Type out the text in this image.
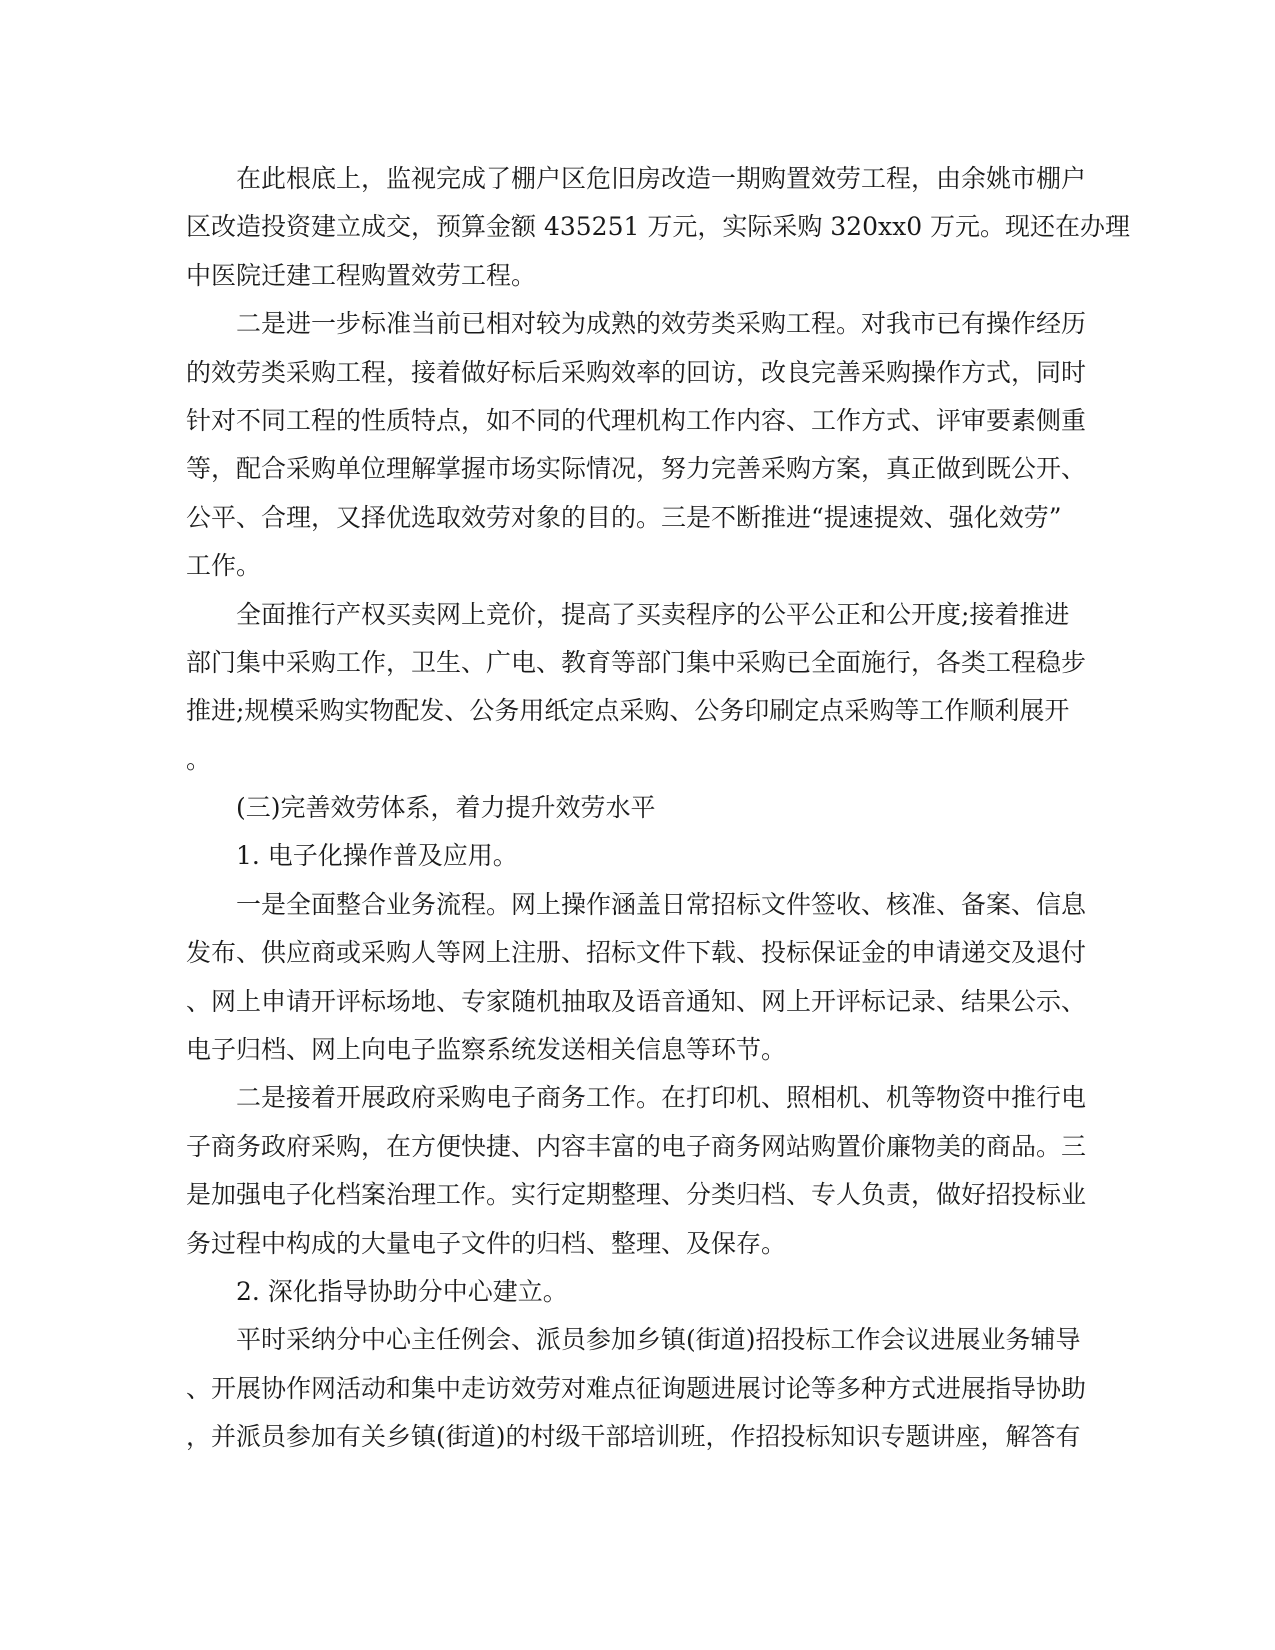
在此根底上，监视完成了棚户区危旧房改造一期购置效劳工程，由余姚市棚户
区改造投资建立成交，预算金额 435251 万元，实际采购 320xx0 万元。现还在办理
中医院迁建工程购置效劳工程。
二是进一步标准当前已相对较为成熟的效劳类采购工程。对我市已有操作经历
的效劳类采购工程，接着做好标后采购效率的回访，改良完善采购操作方式，同时
针对不同工程的性质特点，如不同的代理机构工作内容、工作方式、评审要素侧重
等，配合采购单位理解掌握市场实际情况，努力完善采购方案，真正做到既公开、
公平、合理，又择优选取效劳对象的目的。三是不断推进“提速提效、强化效劳”
工作。
全面推行产权买卖网上竞价，提高了买卖程序的公平公正和公开度;接着推进
部门集中采购工作，卫生、广电、教育等部门集中采购已全面施行，各类工程稳步
推进;规模采购实物配发、公务用纸定点采购、公务印刷定点采购等工作顺利展开
。
(三)完善效劳体系，着力提升效劳水平
1. 电子化操作普及应用。
一是全面整合业务流程。网上操作涵盖日常招标文件签收、核准、备案、信息
发布、供应商或采购人等网上注册、招标文件下载、投标保证金的申请递交及退付
、网上申请开评标场地、专家随机抽取及语音通知、网上开评标记录、结果公示、
电子归档、网上向电子监察系统发送相关信息等环节。
二是接着开展政府采购电子商务工作。在打印机、照相机、机等物资中推行电
子商务政府采购，在方便快捷、内容丰富的电子商务网站购置价廉物美的商品。三
是加强电子化档案治理工作。实行定期整理、分类归档、专人负责，做好招投标业
务过程中构成的大量电子文件的归档、整理、及保存。
2. 深化指导协助分中心建立。
平时采纳分中心主任例会、派员参加乡镇(街道)招投标工作会议进展业务辅导
、开展协作网活动和集中走访效劳对难点征询题进展讨论等多种方式进展指导协助
，并派员参加有关乡镇(街道)的村级干部培训班，作招投标知识专题讲座，解答有
